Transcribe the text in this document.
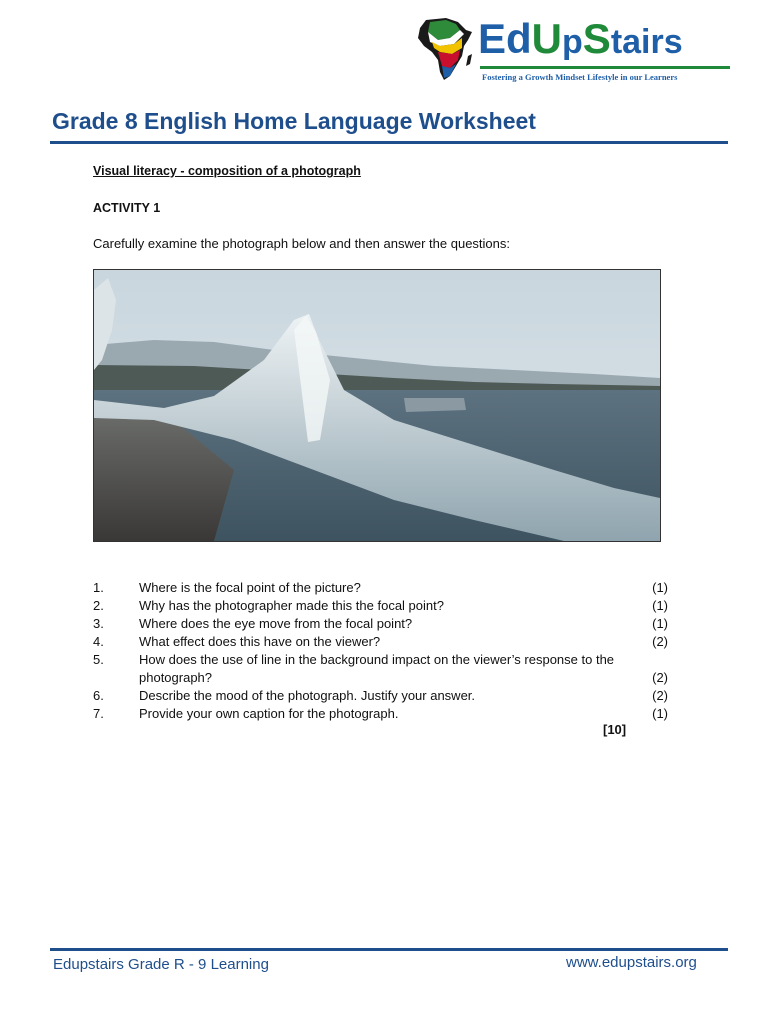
EdUpStairs
Fostering a Growth Mindset Lifestyle in our Learners
Grade 8 English Home Language Worksheet
Visual literacy - composition of a photograph
ACTIVITY 1
Carefully examine the photograph below and then answer the questions:
1.	Where is the focal point of the picture?	(1)
2.	Why has the photographer made this the focal point?	(1)
3.	Where does the eye move from the focal point?	(1)
4.	What effect does this have on the viewer?	(2)
5.	How does the use of line in the background impact on the viewer’s response to the
photograph?	(2)
6.	Describe the mood of the photograph. Justify your answer.	(2)
7.	Provide your own caption for the photograph.	(1)
[10]
Edupstairs Grade R - 9 Learning	www.edupstairs.org
